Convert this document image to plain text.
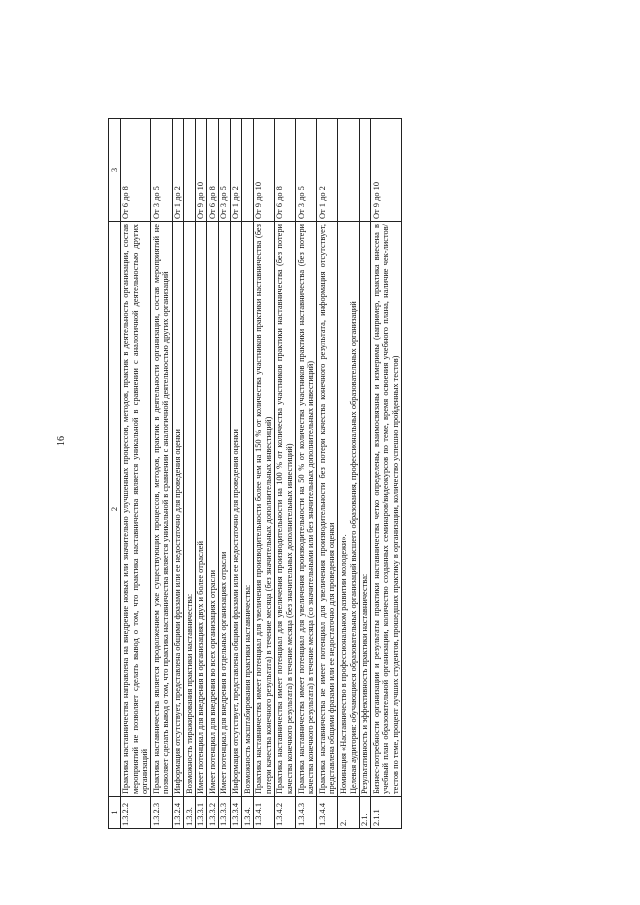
16
1	2	3
1.3.2.2	Практика наставничества направлена на внедрение новых или значительно улучшенных процессов, методов, практик в деятельность организации, состав мероприятий не позволяет сделать вывод о том, что практика наставничества является уникальной в сравнении с аналогичной деятельностью других организаций	От 6 до 8
1.3.2.3	Практика наставничества является продолжением уже существующих процессов, методов, практик в деятельности организации, состав мероприятий не позволяет сделать вывод о том, что практика наставничества является уникальной в сравнении с аналогичной деятельностью других организаций	От 3 до 5
1.3.2.4	Информация отсутствует, представлена общими фразами или ее недостаточно для проведения оценки	От 1 до 2
1.3.3.	Возможность тиражирования практики наставничества:	
1.3.3.1	Имеет потенциал для внедрения в организациях двух и более отраслей	От 9 до 10
1.3.3.2	Имеет потенциал для внедрения во всех организациях отрасли	От 6 до 8
1.3.3.3	Имеет потенциал для внедрения в отдельных организациях отрасли	От 3 до 5
1.3.3.4	Информация отсутствует, представлена общими фразами или ее недостаточно для проведения оценки	От 1 до 2
1.3.4.	Возможность масштабирования практики наставничества:	
1.3.4.1	Практика наставничества имеет потенциал для увеличения производительности более чем на 150 % от количества участников практики наставничества (без потери качества конечного результата) в течение месяца (без значительных дополнительных инвестиций)	От 9 до 10
1.3.4.2	Практика наставничества имеет потенциал для увеличения производительности на 100 % от количества участников практики наставничества (без потери качества конечного результата) в течение месяца (без значительных дополнительных инвестиций)	От 6 до 8
1.3.4.3	Практика наставничества имеет потенциал для увеличения производительности на 50 % от количества участников практики наставничества (без потери качества конечного результата) в течение месяца (со значительными или без значительных дополнительных инвестиций)	От 3 до 5
1.3.4.4	Практика наставничества не имеет потенциал для увеличения производительности без потери качества конечного результата, информация отсутствует, представлена общими фразами или ее недостаточно для проведения оценки	От 1 до 2
2.	Номинация «Наставничество в профессиональном развитии молодежи». Целевая аудитория: обучающиеся образовательных организаций высшего образования, профессиональных образовательных организаций	

2.1.	Результативность и эффективность практики наставничества:	
2.1.1	Бизнес-потребности организации и результаты практики наставничества четко определены, взаимосвязаны и измеримы (например, практика внесена в учебный план образовательной организации, количество созданных семинаров/видеокурсов по теме, время освоения учебного плана, наличие чек-листов/тестов по теме, процент лучших студентов, прошедших практику в организации, количество успешно пройденных тестов)	От 9 до 10
